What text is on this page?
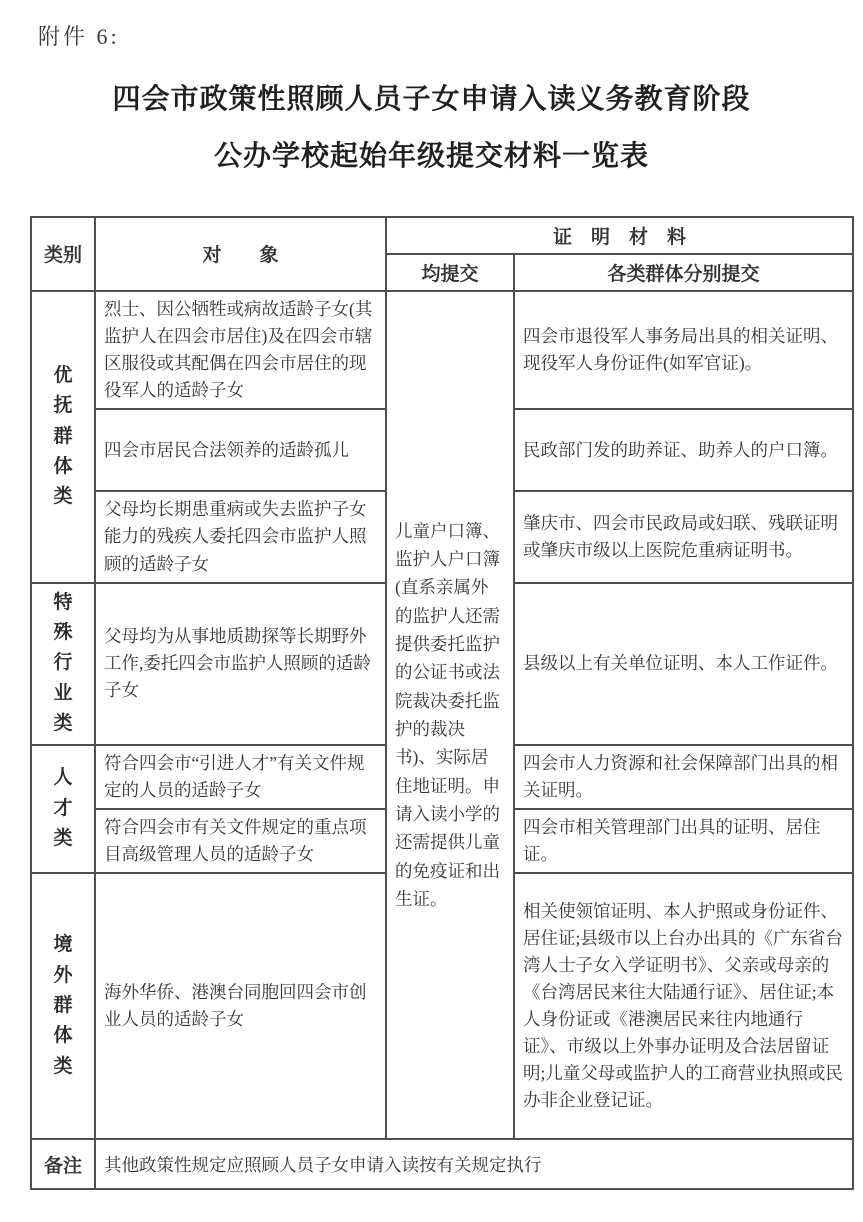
附件 6:
四会市政策性照顾人员子女申请入读义务教育阶段
公办学校起始年级提交材料一览表
类别	对　　象	证　明　材　料	
		均提交	各类群体分别提交

优抚群体类	烈士、因公牺牲或病故适龄子女(其监护人在四会市居住)及在四会市辖区服役或其配偶在四会市居住的现役军人的适龄子女	儿童户口簿、监护人户口簿(直系亲属外的监护人还需提供委托监护的公证书或法院裁决委托监护的裁决书)、实际居住地证明。申请入读小学的还需提供儿童的免疫证和出生证。	四会市退役军人事务局出具的相关证明、现役军人身份证件(如军官证)。
	四会市居民合法领养的适龄孤儿		民政部门发的助养证、助养人的户口簿。
	父母均长期患重病或失去监护子女能力的残疾人委托四会市监护人照顾的适龄子女		肇庆市、四会市民政局或妇联、残联证明或肇庆市级以上医院危重病证明书。

特殊行业类	父母均为从事地质勘探等长期野外工作,委托四会市监护人照顾的适龄子女		县级以上有关单位证明、本人工作证件。

人才类	符合四会市“引进人才”有关文件规定的人员的适龄子女		四会市人力资源和社会保障部门出具的相关证明。
	符合四会市有关文件规定的重点项目高级管理人员的适龄子女		四会市相关管理部门出具的证明、居住证。

境外群体类	海外华侨、港澳台同胞回四会市创业人员的适龄子女		相关使领馆证明、本人护照或身份证件、居住证;县级市以上台办出具的《广东省台湾人士子女入学证明书》、父亲或母亲的《台湾居民来往大陆通行证》、居住证;本人身份证或《港澳居民来往内地通行证》、市级以上外事办证明及合法居留证明;儿童父母或监护人的工商营业执照或民办非企业登记证。
备注	其他政策性规定应照顾人员子女申请入读按有关规定执行		
